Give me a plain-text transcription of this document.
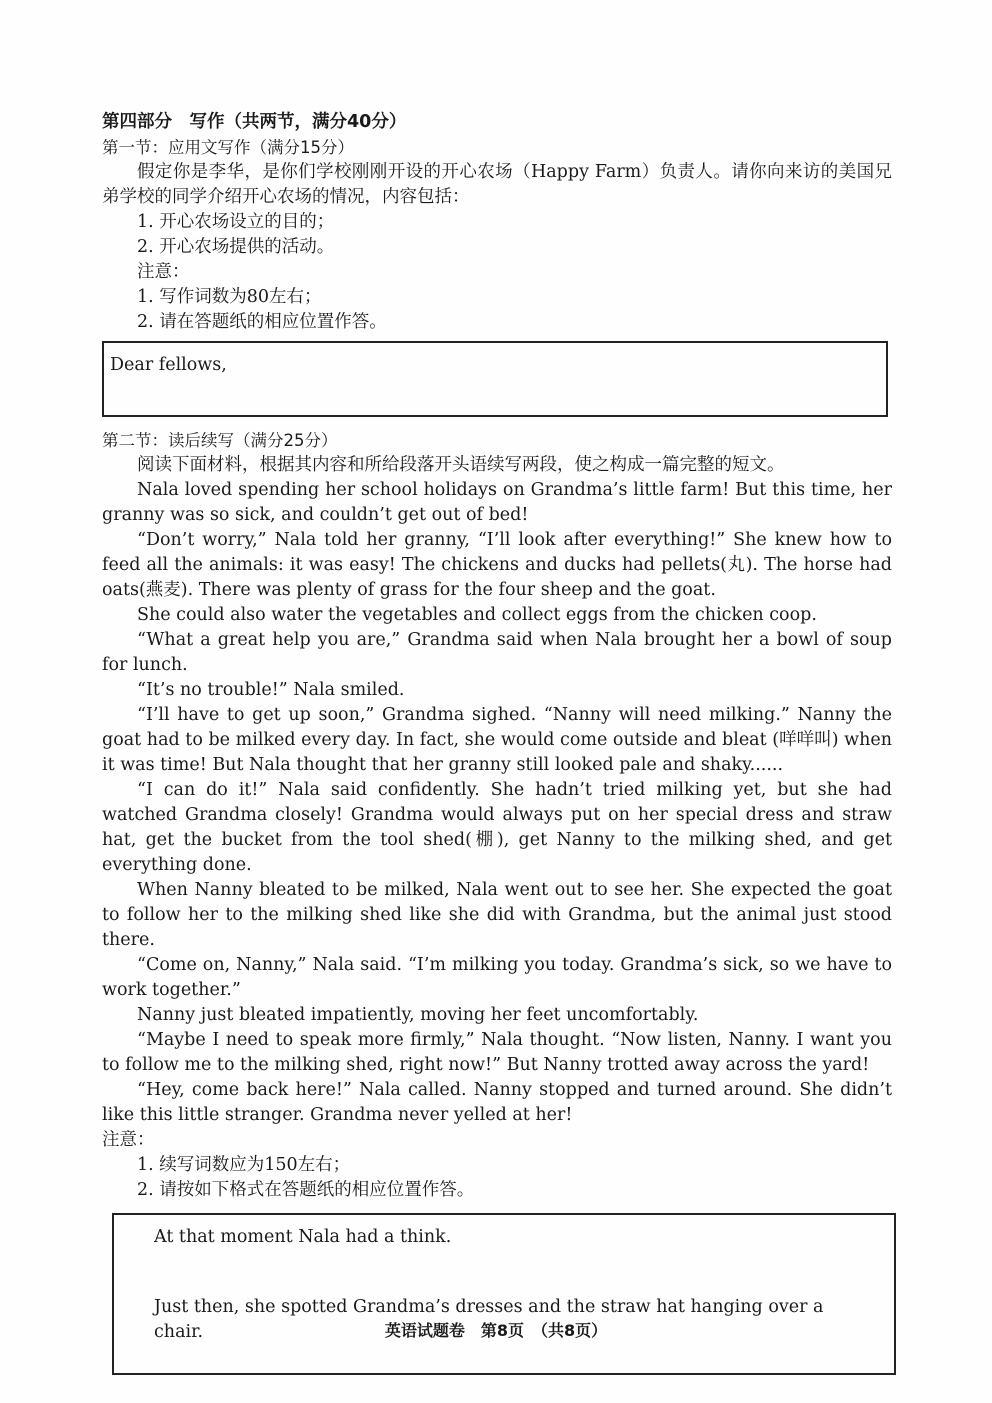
第四部分　写作（共两节，满分40分）

第一节：应用文写作（满分15分）

假定你是李华，是你们学校刚刚开设的开心农场（Happy Farm）负责人。请你向来访的美国兄弟学校的同学介绍开心农场的情况，内容包括：

1. 开心农场设立的目的；

2. 开心农场提供的活动。

注意：

1. 写作词数为80左右；

2. 请在答题纸的相应位置作答。

Dear fellows,

第二节：读后续写（满分25分）

阅读下面材料，根据其内容和所给段落开头语续写两段，使之构成一篇完整的短文。

Nala loved spending her school holidays on Grandma’s little farm! But this time, her granny was so sick, and couldn’t get out of bed!

“Don’t worry,” Nala told her granny, “I’ll look after everything!” She knew how to feed all the animals: it was easy! The chickens and ducks had pellets(丸). The horse had oats(燕麦). There was plenty of grass for the four sheep and the goat.

She could also water the vegetables and collect eggs from the chicken coop.

“What a great help you are,” Grandma said when Nala brought her a bowl of soup for lunch.

“It’s no trouble!” Nala smiled.

“I’ll have to get up soon,” Grandma sighed. “Nanny will need milking.” Nanny the goat had to be milked every day. In fact, she would come outside and bleat (咩咩叫) when it was time! But Nala thought that her granny still looked pale and shaky......

“I can do it!” Nala said confidently. She hadn’t tried milking yet, but she had watched Grandma closely! Grandma would always put on her special dress and straw hat, get the bucket from the tool shed(棚), get Nanny to the milking shed, and get everything done.

When Nanny bleated to be milked, Nala went out to see her. She expected the goat to follow her to the milking shed like she did with Grandma, but the animal just stood there.

“Come on, Nanny,” Nala said. “I’m milking you today. Grandma’s sick, so we have to work together.”

Nanny just bleated impatiently, moving her feet uncomfortably.

“Maybe I need to speak more firmly,” Nala thought. “Now listen, Nanny. I want you to follow me to the milking shed, right now!” But Nanny trotted away across the yard!

“Hey, come back here!” Nala called. Nanny stopped and turned around. She didn’t like this little stranger. Grandma never yelled at her!

注意：

1. 续写词数应为150左右；

2. 请按如下格式在答题纸的相应位置作答。

At that moment Nala had a think.

Just then, she spotted Grandma’s dresses and the straw hat hanging over a chair.	英语试题卷　第8页　（共8页）
